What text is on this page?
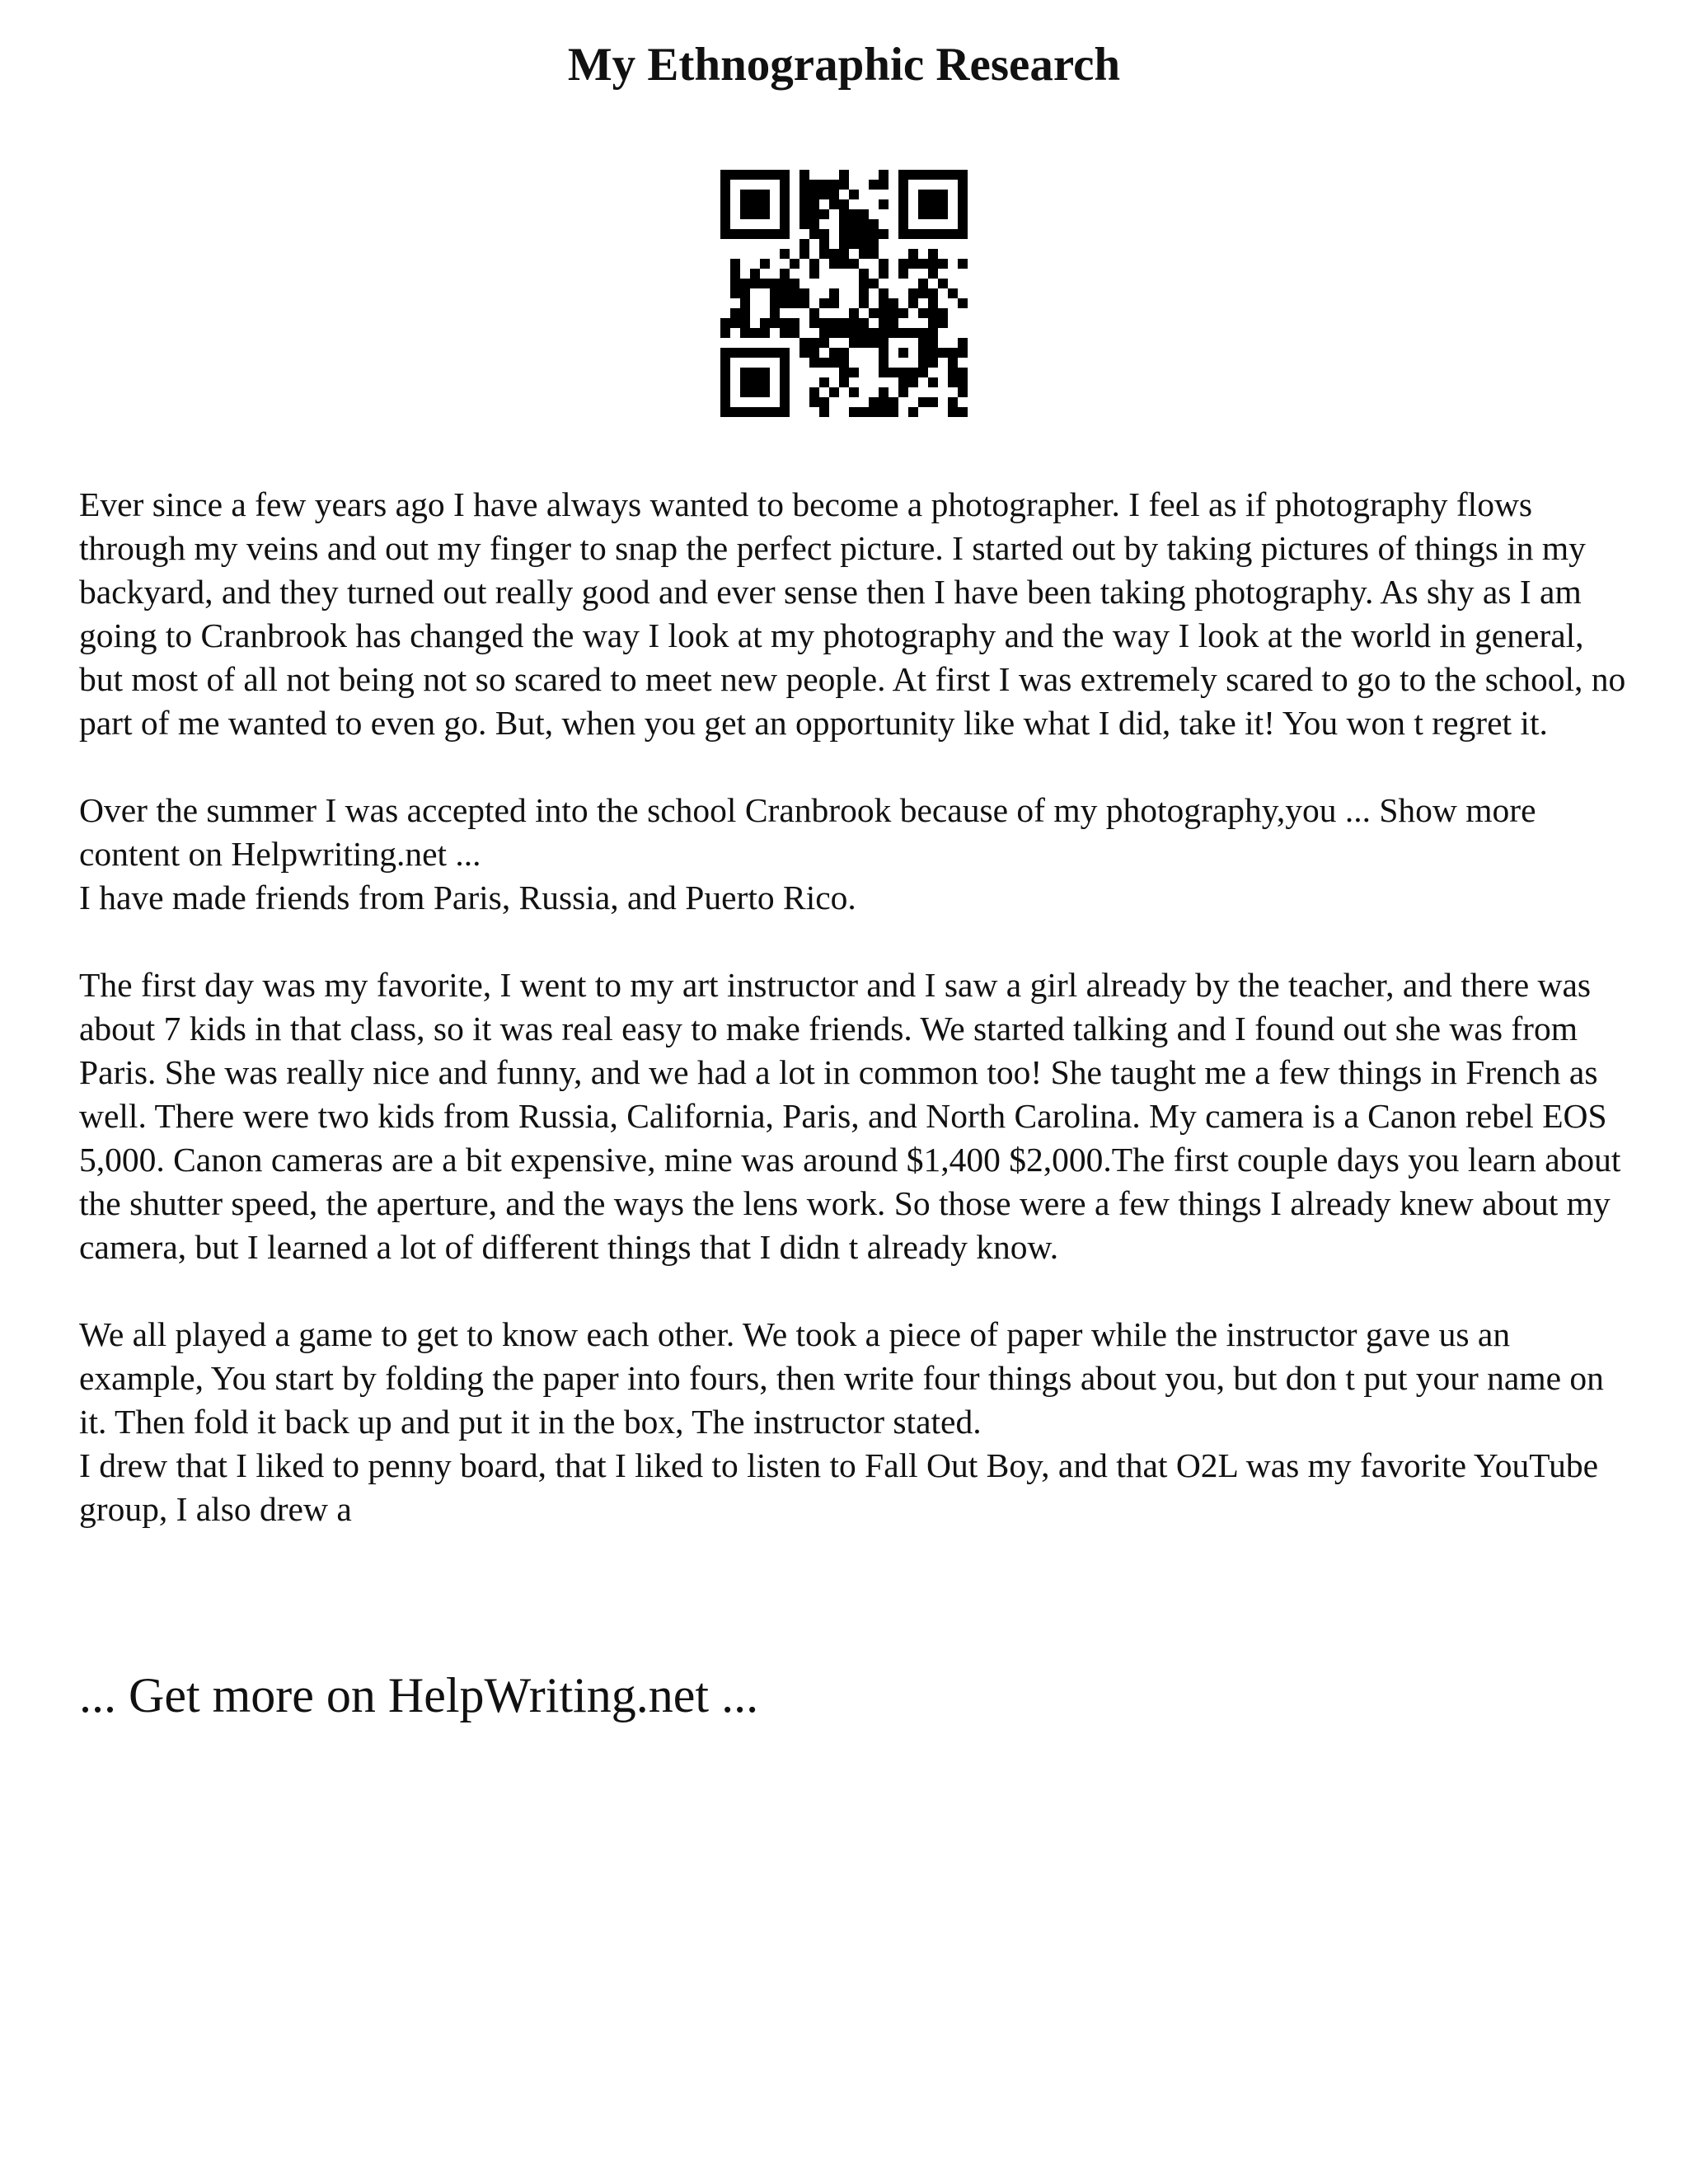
My Ethnographic Research

Ever since a few years ago I have always wanted to become a photographer. I feel as if photography flows through my veins and out my finger to snap the perfect picture. I started out by taking pictures of things in my backyard, and they turned out really good and ever sense then I have been taking photography. As shy as I am going to Cranbrook has changed the way I look at my photography and the way I look at the world in general, but most of all not being not so scared to meet new people. At first I was extremely scared to go to the school, no part of me wanted to even go. But, when you get an opportunity like what I did, take it! You won t regret it.

Over the summer I was accepted into the school Cranbrook because of my photography,you ... Show more content on Helpwriting.net ...

I have made friends from Paris, Russia, and Puerto Rico.

The first day was my favorite, I went to my art instructor and I saw a girl already by the teacher, and there was about 7 kids in that class, so it was real easy to make friends. We started talking and I found out she was from Paris. She was really nice and funny, and we had a lot in common too! She taught me a few things in French as well. There were two kids from Russia, California, Paris, and North Carolina. My camera is a Canon rebel EOS 5,000. Canon cameras are a bit expensive, mine was around $1,400 $2,000.The first couple days you learn about the shutter speed, the aperture, and the ways the lens work. So those were a few things I already knew about my camera, but I learned a lot of different things that I didn t already know.

We all played a game to get to know each other. We took a piece of paper while the instructor gave us an example, You start by folding the paper into fours, then write four things about you, but don t put your name on it. Then fold it back up and put it in the box, The instructor stated.

I drew that I liked to penny board, that I liked to listen to Fall Out Boy, and that O2L was my favorite YouTube group, I also drew a

... Get more on HelpWriting.net ...
